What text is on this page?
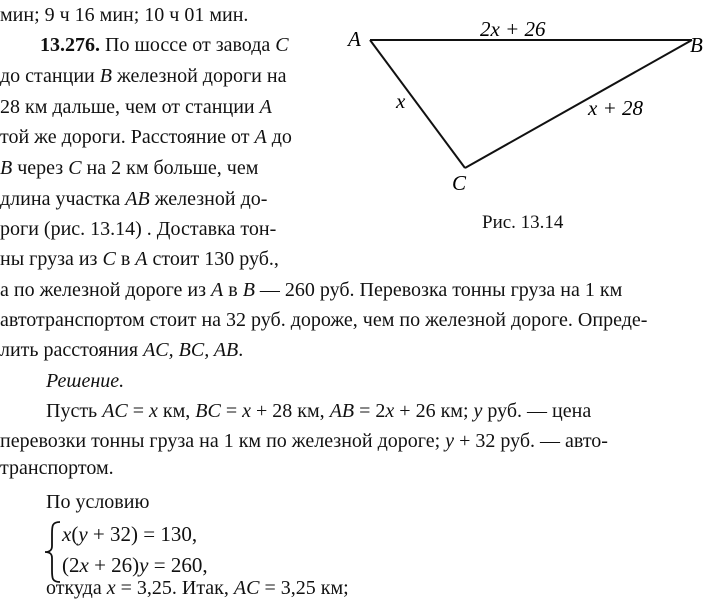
мин; 9 ч 16 мин; 10 ч 01 мин.
13.276. По шоссе от завода C
до станции B железной дороги на
28 км дальше, чем от станции A
той же дороги. Расстояние от A до
B через C на 2 км больше, чем
длина участка AB железной до-
роги (рис. 13.14) . Доставка тон-
ны груза из C в A стоит 130 руб.,
а по железной дороге из A в B — 260 руб. Перевозка тонны груза на 1 км
автотранспортом стоит на 32 руб. дороже, чем по железной дороге. Опреде-
лить расстояния AC, BC, AB.
Решение.
Пусть AC = x км, BC = x + 28 км, AB = 2x + 26 км; y руб. — цена
перевозки тонны груза на 1 км по железной дороге; y + 32 руб. — авто-
транспортом.
По условию
x(y + 32) = 130,
(2x + 26)y = 260,
откуда x = 3,25. Итак, AC = 3,25 км;
A	B
C
2x + 26
x	x + 28
Рис. 13.14
